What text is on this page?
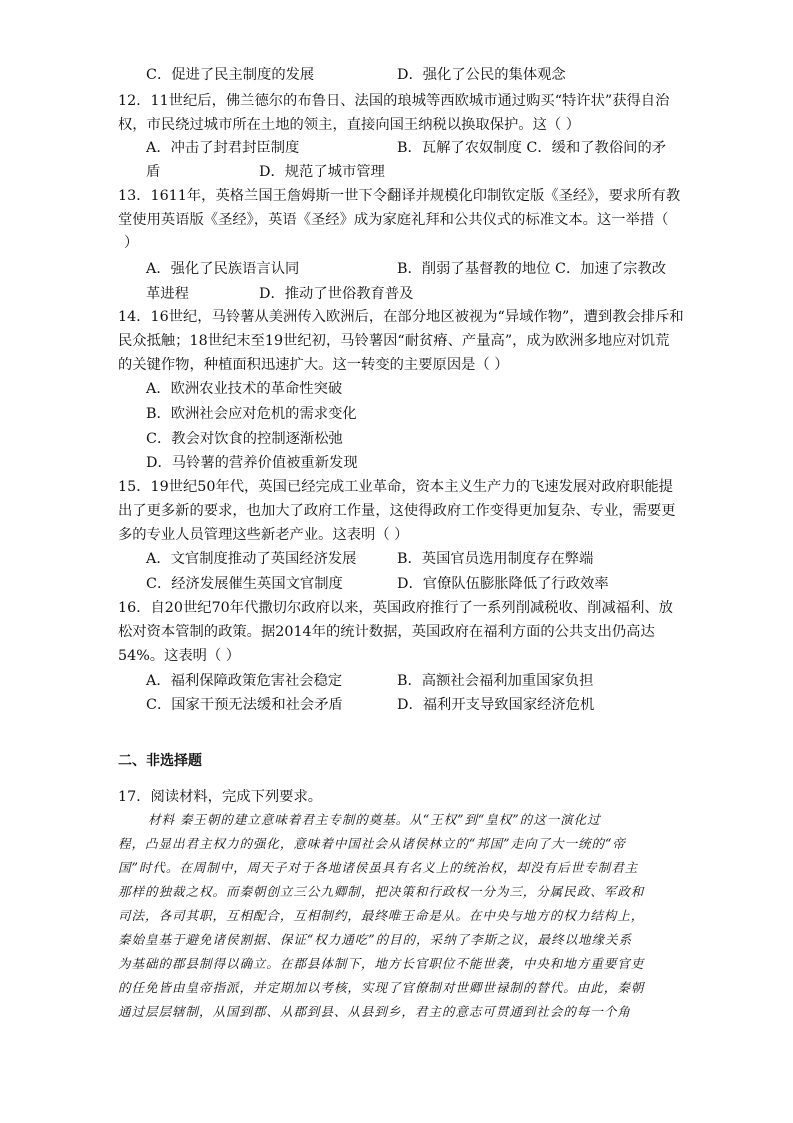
C．促进了民主制度的发展	D．强化了公民的集体观念
12．11世纪后，佛兰德尔的布鲁日、法国的琅城等西欧城市通过购买“特许状”获得自治
权，市民绕过城市所在土地的领主，直接向国王纳税以换取保护。这（ ）
A．冲击了封君封臣制度	B．瓦解了农奴制度 C．缓和了教俗间的矛
盾	D．规范了城市管理
13．1611年，英格兰国王詹姆斯一世下令翻译并规模化印制钦定版《圣经》，要求所有教
堂使用英语版《圣经》，英语《圣经》成为家庭礼拜和公共仪式的标准文本。这一举措（
）
A．强化了民族语言认同	B．削弱了基督教的地位 C．加速了宗教改
革进程	D．推动了世俗教育普及
14．16世纪，马铃薯从美洲传入欧洲后，在部分地区被视为“异域作物”，遭到教会排斥和
民众抵触；18世纪末至19世纪初，马铃薯因“耐贫瘠、产量高”，成为欧洲多地应对饥荒
的关键作物，种植面积迅速扩大。这一转变的主要原因是（ ）
A．欧洲农业技术的革命性突破
B．欧洲社会应对危机的需求变化
C．教会对饮食的控制逐渐松弛
D．马铃薯的营养价值被重新发现
15．19世纪50年代，英国已经完成工业革命，资本主义生产力的飞速发展对政府职能提
出了更多新的要求，也加大了政府工作量，这使得政府工作变得更加复杂、专业，需要更
多的专业人员管理这些新老产业。这表明（ ）
A．文官制度推动了英国经济发展	B．英国官员选用制度存在弊端
C．经济发展催生英国文官制度	D．官僚队伍膨胀降低了行政效率
16．自20世纪70年代撒切尔政府以来，英国政府推行了一系列削减税收、削减福利、放
松对资本管制的政策。据2014年的统计数据，英国政府在福利方面的公共支出仍高达
54%。这表明（ ）
A．福利保障政策危害社会稳定	B．高额社会福利加重国家负担
C．国家干预无法缓和社会矛盾	D．福利开支导致国家经济危机
二、非选择题
17．阅读材料，完成下列要求。
材料 秦王朝的建立意味着君主专制的奠基。从“王权”到“皇权”的这一演化过
程，凸显出君主权力的强化，意味着中国社会从诸侯林立的“邦国”走向了大一统的“帝
国”时代。在周制中，周天子对于各地诸侯虽具有名义上的统治权，却没有后世专制君主
那样的独裁之权。而秦朝创立三公九卿制，把决策和行政权一分为三，分属民政、军政和
司法，各司其职，互相配合，互相制约，最终唯王命是从。在中央与地方的权力结构上，
秦始皇基于避免诸侯割据、保证“权力通吃”的目的，采纳了李斯之议，最终以地缘关系
为基础的郡县制得以确立。在郡县体制下，地方长官职位不能世袭，中央和地方重要官吏
的任免皆由皇帝指派，并定期加以考核，实现了官僚制对世卿世禄制的替代。由此，秦朝
通过层层辖制，从国到郡、从郡到县、从县到乡，君主的意志可贯通到社会的每一个角
